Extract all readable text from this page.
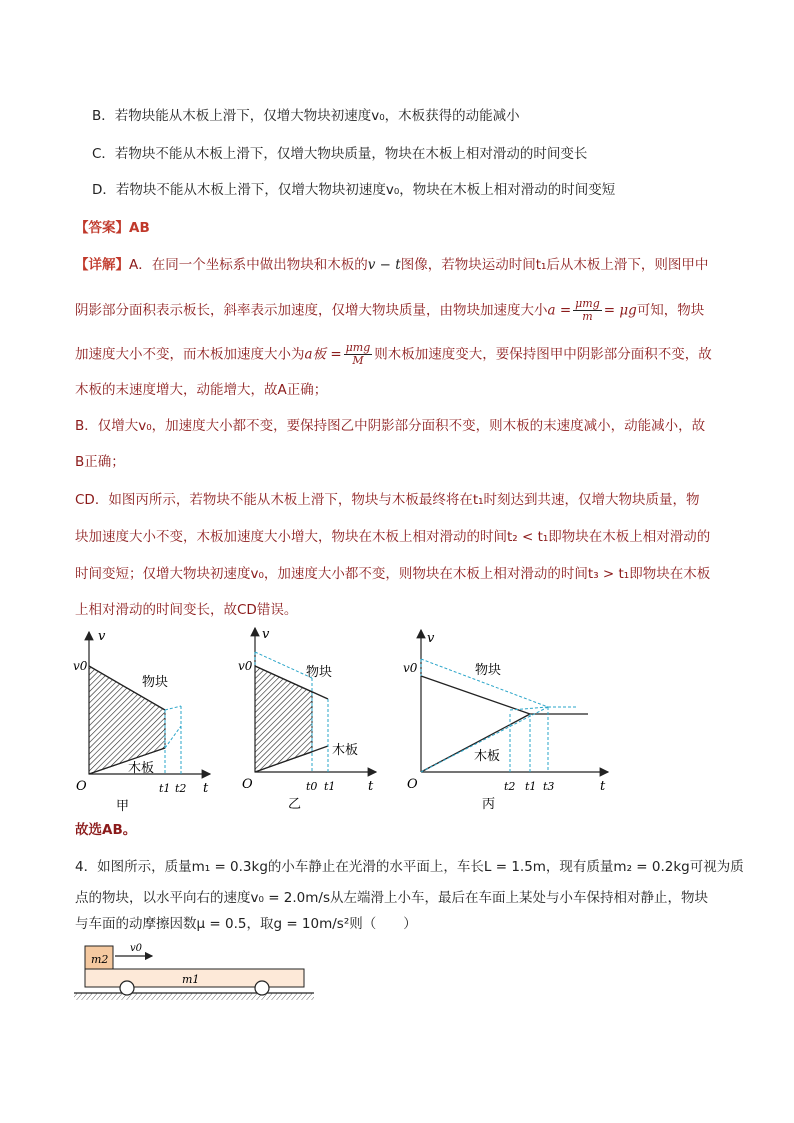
B．若物块能从木板上滑下，仅增大物块初速度v₀，木板获得的动能减小
C．若物块不能从木板上滑下，仅增大物块质量，物块在木板上相对滑动的时间变长
D．若物块不能从木板上滑下，仅增大物块初速度v₀，物块在木板上相对滑动的时间变短
【答案】AB
【详解】A．在同一个坐标系中做出物块和木板的v − t图像，若物块运动时间t₁后从木板上滑下，则图甲中
阴影部分面积表示板长，斜率表示加速度，仅增大物块质量，由物块加速度大小$a = \frac{\text{μmg}}{m} = \mu g$可知，物块
加速度大小不变，而木板加速度大小为a板 = $\frac{\text{μmg}}{M}$ 则木板加速度变大，要保持图甲中阴影部分面积不变，故
木板的末速度增大，动能增大，故A正确；
B．仅增大v₀，加速度大小都不变，要保持图乙中阴影部分面积不变，则木板的末速度减小，动能减小，故
B正确；
CD．如图丙所示，若物块不能从木板上滑下，物块与木板最终将在t₁时刻达到共速，仅增大物块质量，物
块加速度大小不变，木板加速度大小增大，物块在木板上相对滑动的时间t₂ < t₁即物块在木板上相对滑动的
时间变短；仅增大物块初速度v₀，加速度大小都不变，则物块在木板上相对滑动的时间t₃ > t₁即物块在木板
上相对滑动的时间变长，故CD错误。
v
v0
物块
木板
O	t1 t2 t
甲
v
v0	物块
木板
O	t0 t1	t
乙
v
v0	物块
木板
O	t2 t1 t3	t
丙
故选AB。
4．如图所示，质量m₁ = 0.3kg的小车静止在光滑的水平面上，车长L = 1.5m，现有质量m₂ = 0.2kg可视为质
点的物块，以水平向右的速度v₀ = 2.0m/s从左端滑上小车，最后在车面上某处与小车保持相对静止，物块
与车面的动摩擦因数μ = 0.5，取g = 10m/s²则（　　）
m2
m1
v0
